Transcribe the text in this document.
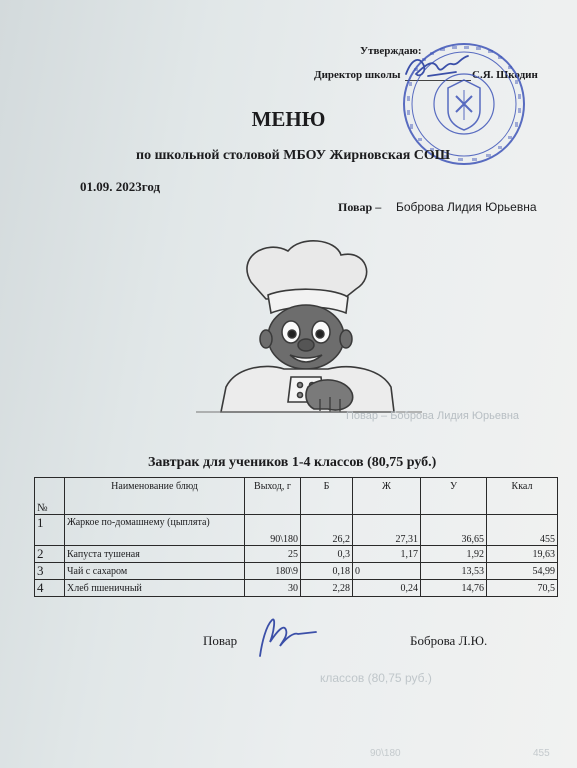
Утверждаю:
Директор школы	С.Я. Шкодин
МЕНЮ
по школьной столовой МБОУ Жирновская СОШ
01.09. 2023год
Повар – Боброва Лидия Юрьевна
Повар – Боброва Лидия Юрьевна
Завтрак для учеников 1-4 классов (80,75 руб.)
№	Наименование блюд	Выход, г	Б	Ж	У	Ккал
1	Жаркое по-домашнему (цыплята)	90\180	26,2	27,31	36,65	455
2	Капуста тушеная	25	0,3	1,17	1,92	19,63
3	Чай с сахаром	180\9	0,18	0	13,53	54,99
4	Хлеб пшеничный	30	2,28	0,24	14,76	70,5
Повар	Боброва Л.Ю.
классов (80,75 руб.)
90\180	455
